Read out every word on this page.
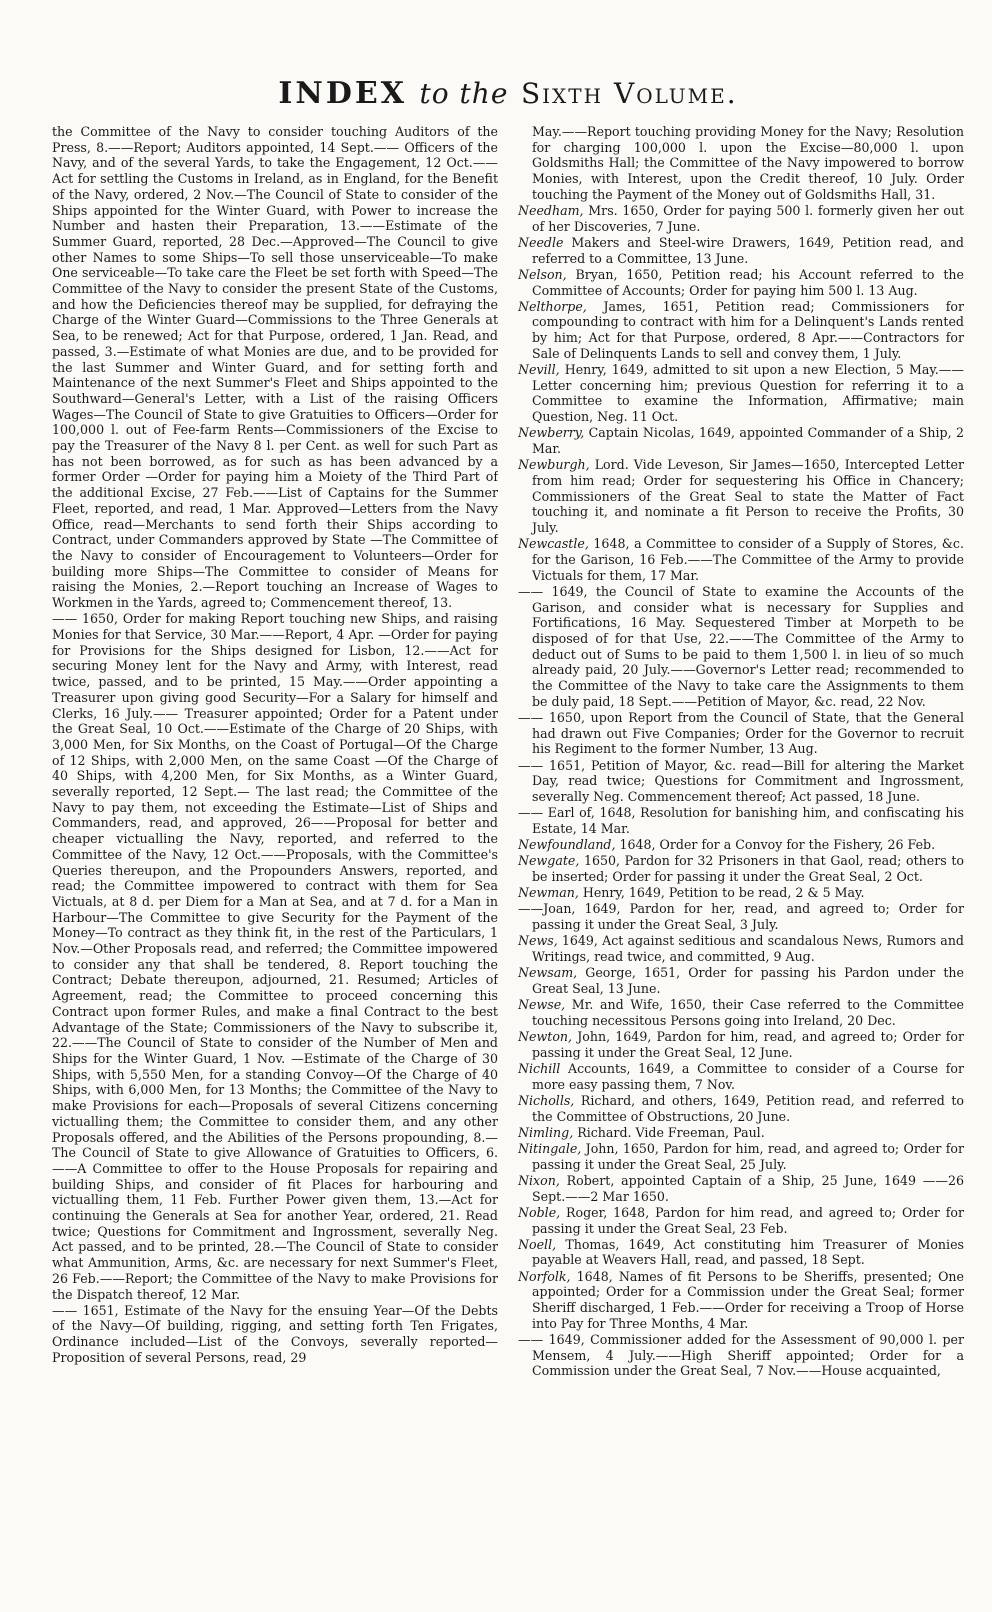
INDEX to the Sixth Volume.

the Committee of the Navy to consider touching Auditors of the Press, 8.——Report; Auditors appointed, 14 Sept.—— Officers of the Navy, and of the several Yards, to take the Engagement, 12 Oct.——Act for settling the Customs in Ireland, as in England, for the Benefit of the Navy, ordered, 2 Nov.—The Council of State to consider of the Ships appointed for the Winter Guard, with Power to increase the Number and hasten their Preparation, 13.——Estimate of the Summer Guard, reported, 28 Dec.—Approved—The Council to give other Names to some Ships—To sell those unserviceable—To make One serviceable—To take care the Fleet be set forth with Speed—The Committee of the Navy to consider the present State of the Customs, and how the Deficiencies thereof may be supplied, for defraying the Charge of the Winter Guard—Commissions to the Three Generals at Sea, to be renewed; Act for that Purpose, ordered, 1 Jan. Read, and passed, 3.—Estimate of what Monies are due, and to be provided for the last Summer and Winter Guard, and for setting forth and Maintenance of the next Summer's Fleet and Ships appointed to the Southward—General's Letter, with a List of the raising Officers Wages—The Council of State to give Gratuities to Officers—Order for 100,000 l. out of Fee-farm Rents—Commissioners of the Excise to pay the Treasurer of the Navy 8 l. per Cent. as well for such Part as has not been borrowed, as for such as has been advanced by a former Order —Order for paying him a Moiety of the Third Part of the additional Excise, 27 Feb.——List of Captains for the Summer Fleet, reported, and read, 1 Mar. Approved—Letters from the Navy Office, read—Merchants to send forth their Ships according to Contract, under Commanders approved by State —The Committee of the Navy to consider of Encouragement to Volunteers—Order for building more Ships—The Committee to consider of Means for raising the Monies, 2.—Report touching an Increase of Wages to Workmen in the Yards, agreed to; Commencement thereof, 13.

—— 1650, Order for making Report touching new Ships, and raising Monies for that Service, 30 Mar.——Report, 4 Apr. —Order for paying for Provisions for the Ships designed for Lisbon, 12.——Act for securing Money lent for the Navy and Army, with Interest, read twice, passed, and to be printed, 15 May.——Order appointing a Treasurer upon giving good Security—For a Salary for himself and Clerks, 16 July.—— Treasurer appointed; Order for a Patent under the Great Seal, 10 Oct.——Estimate of the Charge of 20 Ships, with 3,000 Men, for Six Months, on the Coast of Portugal—Of the Charge of 12 Ships, with 2,000 Men, on the same Coast —Of the Charge of 40 Ships, with 4,200 Men, for Six Months, as a Winter Guard, severally reported, 12 Sept.— The last read; the Committee of the Navy to pay them, not exceeding the Estimate—List of Ships and Commanders, read, and approved, 26——Proposal for better and cheaper victualling the Navy, reported, and referred to the Committee of the Navy, 12 Oct.——Proposals, with the Committee's Queries thereupon, and the Propounders Answers, reported, and read; the Committee impowered to contract with them for Sea Victuals, at 8 d. per Diem for a Man at Sea, and at 7 d. for a Man in Harbour—The Committee to give Security for the Payment of the Money—To contract as they think fit, in the rest of the Particulars, 1 Nov.—Other Proposals read, and referred; the Committee impowered to consider any that shall be tendered, 8. Report touching the Contract; Debate thereupon, adjourned, 21. Resumed; Articles of Agreement, read; the Committee to proceed concerning this Contract upon former Rules, and make a final Contract to the best Advantage of the State; Commissioners of the Navy to subscribe it, 22.——The Council of State to consider of the Number of Men and Ships for the Winter Guard, 1 Nov. —Estimate of the Charge of 30 Ships, with 5,550 Men, for a standing Convoy—Of the Charge of 40 Ships, with 6,000 Men, for 13 Months; the Committee of the Navy to make Provisions for each—Proposals of several Citizens concerning victualling them; the Committee to consider them, and any other Proposals offered, and the Abilities of the Persons propounding, 8.—The Council of State to give Allowance of Gratuities to Officers, 6.——A Committee to offer to the House Proposals for repairing and building Ships, and consider of fit Places for harbouring and victualling them, 11 Feb. Further Power given them, 13.—Act for continuing the Generals at Sea for another Year, ordered, 21. Read twice; Questions for Commitment and Ingrossment, severally Neg. Act passed, and to be printed, 28.—The Council of State to consider what Ammunition, Arms, &c. are necessary for next Summer's Fleet, 26 Feb.——Report; the Committee of the Navy to make Provisions for the Dispatch thereof, 12 Mar.

—— 1651, Estimate of the Navy for the ensuing Year—Of the Debts of the Navy—Of building, rigging, and setting forth Ten Frigates, Ordinance included—List of the Convoys, severally reported—Proposition of several Persons, read, 29

May.——Report touching providing Money for the Navy; Resolution for charging 100,000 l. upon the Excise—80,000 l. upon Goldsmiths Hall; the Committee of the Navy impowered to borrow Monies, with Interest, upon the Credit thereof, 10 July. Order touching the Payment of the Money out of Goldsmiths Hall, 31.

Needham, Mrs. 1650, Order for paying 500 l. formerly given her out of her Discoveries, 7 June.

Needle Makers and Steel-wire Drawers, 1649, Petition read, and referred to a Committee, 13 June.

Nelson, Bryan, 1650, Petition read; his Account referred to the Committee of Accounts; Order for paying him 500 l. 13 Aug.

Nelthorpe, James, 1651, Petition read; Commissioners for compounding to contract with him for a Delinquent's Lands rented by him; Act for that Purpose, ordered, 8 Apr.——Contractors for Sale of Delinquents Lands to sell and convey them, 1 July.

Nevill, Henry, 1649, admitted to sit upon a new Election, 5 May.——Letter concerning him; previous Question for referring it to a Committee to examine the Information, Affirmative; main Question, Neg. 11 Oct.

Newberry, Captain Nicolas, 1649, appointed Commander of a Ship, 2 Mar.

Newburgh, Lord. Vide Leveson, Sir James—1650, Intercepted Letter from him read; Order for sequestering his Office in Chancery; Commissioners of the Great Seal to state the Matter of Fact touching it, and nominate a fit Person to receive the Profits, 30 July.

Newcastle, 1648, a Committee to consider of a Supply of Stores, &c. for the Garison, 16 Feb.——The Committee of the Army to provide Victuals for them, 17 Mar.

—— 1649, the Council of State to examine the Accounts of the Garison, and consider what is necessary for Supplies and Fortifications, 16 May. Sequestered Timber at Morpeth to be disposed of for that Use, 22.——The Committee of the Army to deduct out of Sums to be paid to them 1,500 l. in lieu of so much already paid, 20 July.——Governor's Letter read; recommended to the Committee of the Navy to take care the Assignments to them be duly paid, 18 Sept.——Petition of Mayor, &c. read, 22 Nov.

—— 1650, upon Report from the Council of State, that the General had drawn out Five Companies; Order for the Governor to recruit his Regiment to the former Number, 13 Aug.

—— 1651, Petition of Mayor, &c. read—Bill for altering the Market Day, read twice; Questions for Commitment and Ingrossment, severally Neg. Commencement thereof; Act passed, 18 June.

—— Earl of, 1648, Resolution for banishing him, and confiscating his Estate, 14 Mar.

Newfoundland, 1648, Order for a Convoy for the Fishery, 26 Feb.

Newgate, 1650, Pardon for 32 Prisoners in that Gaol, read; others to be inserted; Order for passing it under the Great Seal, 2 Oct.

Newman, Henry, 1649, Petition to be read, 2 & 5 May.

——Joan, 1649, Pardon for her, read, and agreed to; Order for passing it under the Great Seal, 3 July.

News, 1649, Act against seditious and scandalous News, Rumors and Writings, read twice, and committed, 9 Aug.

Newsam, George, 1651, Order for passing his Pardon under the Great Seal, 13 June.

Newse, Mr. and Wife, 1650, their Case referred to the Committee touching necessitous Persons going into Ireland, 20 Dec.

Newton, John, 1649, Pardon for him, read, and agreed to; Order for passing it under the Great Seal, 12 June.

Nichill Accounts, 1649, a Committee to consider of a Course for more easy passing them, 7 Nov.

Nicholls, Richard, and others, 1649, Petition read, and referred to the Committee of Obstructions, 20 June.

Nimling, Richard. Vide Freeman, Paul.

Nitingale, John, 1650, Pardon for him, read, and agreed to; Order for passing it under the Great Seal, 25 July.

Nixon, Robert, appointed Captain of a Ship, 25 June, 1649 ——26 Sept.——2 Mar 1650.

Noble, Roger, 1648, Pardon for him read, and agreed to; Order for passing it under the Great Seal, 23 Feb.

Noell, Thomas, 1649, Act constituting him Treasurer of Monies payable at Weavers Hall, read, and passed, 18 Sept.

Norfolk, 1648, Names of fit Persons to be Sheriffs, presented; One appointed; Order for a Commission under the Great Seal; former Sheriff discharged, 1 Feb.——Order for receiving a Troop of Horse into Pay for Three Months, 4 Mar.

—— 1649, Commissioner added for the Assessment of 90,000 l. per Mensem, 4 July.——High Sheriff appointed; Order for a Commission under the Great Seal, 7 Nov.——House acquainted,
